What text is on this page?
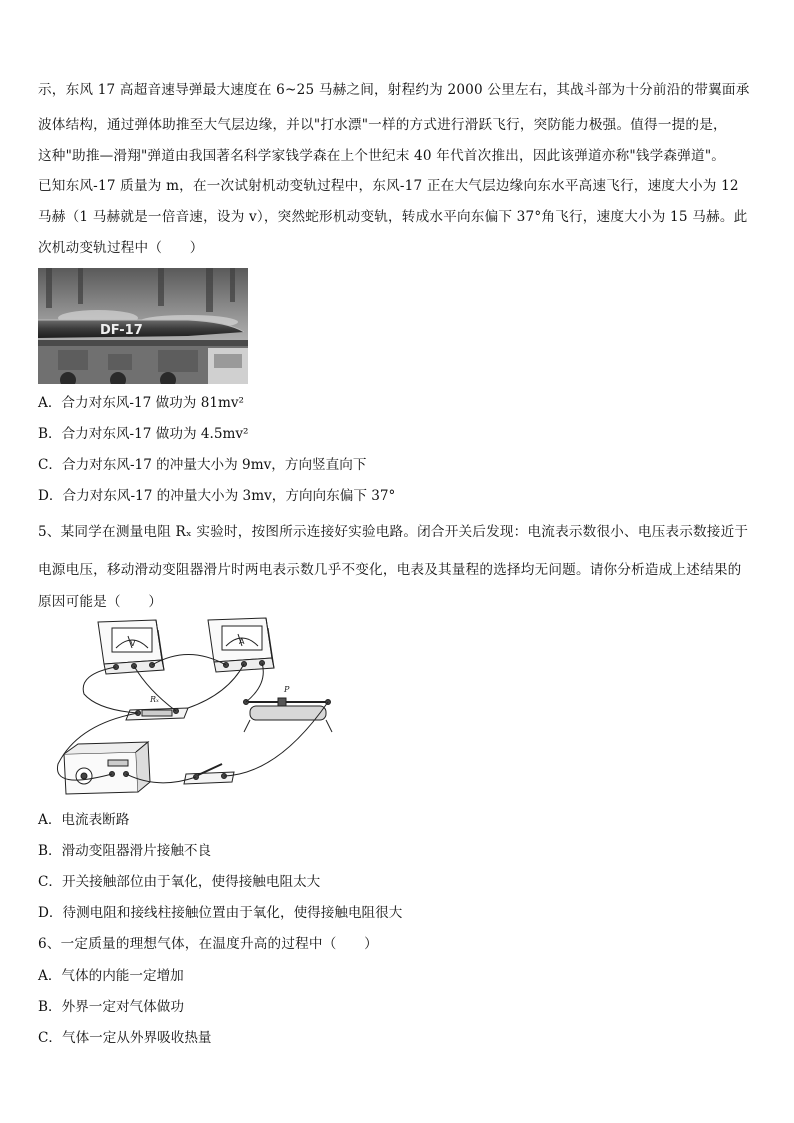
示，东风 17 高超音速导弹最大速度在 6~25 马赫之间，射程约为 2000 公里左右，其战斗部为十分前沿的带翼面承
波体结构，通过弹体助推至大气层边缘，并以"打水漂"一样的方式进行滑跃飞行，突防能力极强。值得一提的是，
这种"助推—滑翔"弹道由我国著名科学家钱学森在上个世纪末 40 年代首次推出，因此该弹道亦称"钱学森弹道"。
已知东风-17 质量为 m，在一次试射机动变轨过程中，东风-17 正在大气层边缘向东水平高速飞行，速度大小为 12
马赫（1 马赫就是一倍音速，设为 v），突然蛇形机动变轨，转成水平向东偏下 37°角飞行，速度大小为 15 马赫。此
次机动变轨过程中（　　）
DF-17
A．合力对东风-17 做功为 81mv²
B．合力对东风-17 做功为 4.5mv²
C．合力对东风-17 的冲量大小为 9mv，方向竖直向下
D．合力对东风-17 的冲量大小为 3mv，方向向东偏下 37°
5、某同学在测量电阻 Rₓ 实验时，按图所示连接好实验电路。闭合开关后发现：电流表示数很小、电压表示数接近于
电源电压，移动滑动变阻器滑片时两电表示数几乎不变化，电表及其量程的选择均无问题。请你分析造成上述结果的
原因可能是（　　）
V	A
Rₓ
P
A．电流表断路
B．滑动变阻器滑片接触不良
C．开关接触部位由于氧化，使得接触电阻太大
D．待测电阻和接线柱接触位置由于氧化，使得接触电阻很大
6、一定质量的理想气体，在温度升高的过程中（　　）
A．气体的内能一定增加
B．外界一定对气体做功
C．气体一定从外界吸收热量
